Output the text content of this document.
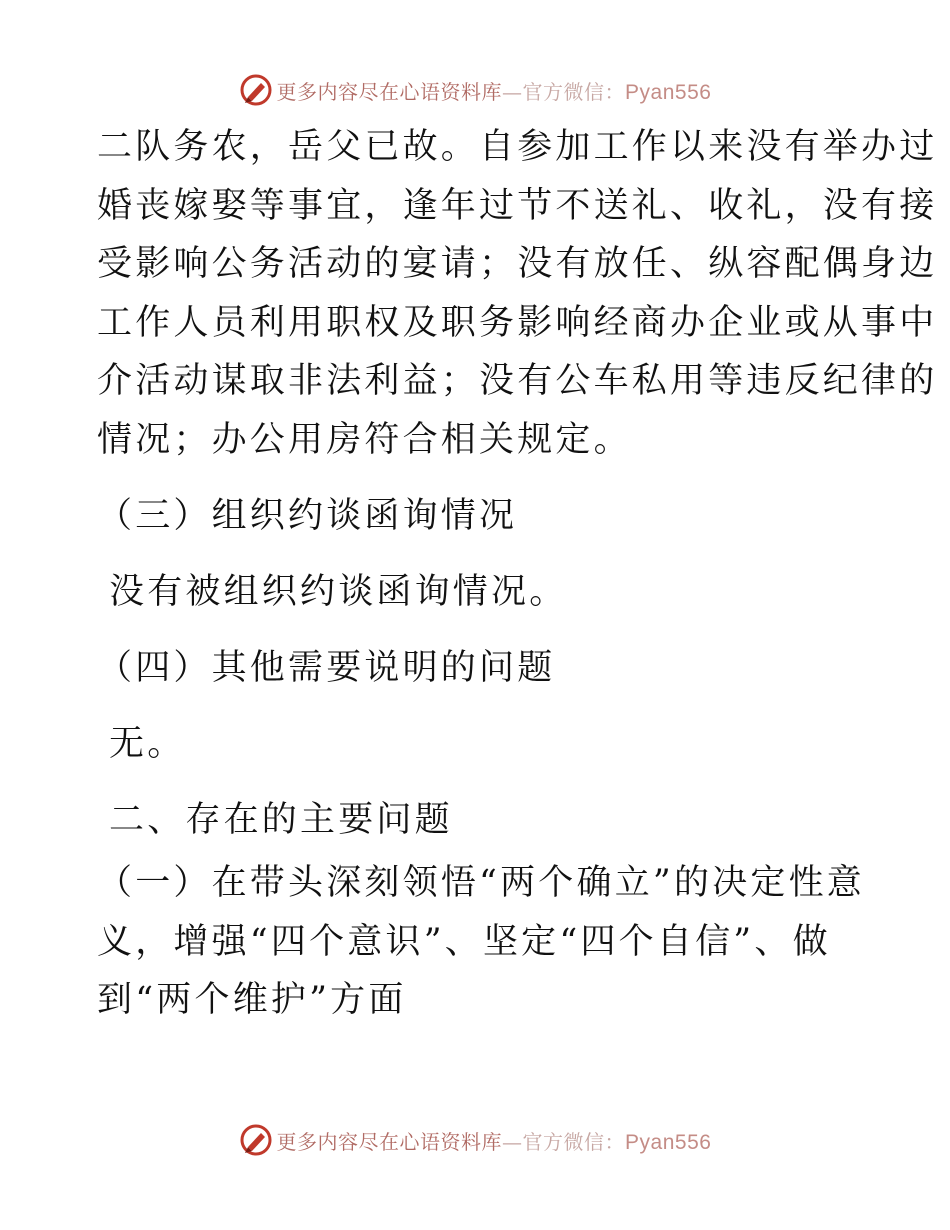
更多内容尽在心语资料库—官方微信：Pyan556

二队务农，岳父已故。自参加工作以来没有举办过

婚丧嫁娶等事宜，逢年过节不送礼、收礼，没有接

受影响公务活动的宴请；没有放任、纵容配偶身边

工作人员利用职权及职务影响经商办企业或从事中

介活动谋取非法利益；没有公车私用等违反纪律的

情况；办公用房符合相关规定。

（三）组织约谈函询情况

没有被组织约谈函询情况。

（四）其他需要说明的问题

无。

二、存在的主要问题

（一）在带头深刻领悟“两个确立”的决定性意

义，增强“四个意识”、坚定“四个自信”、做

到“两个维护”方面

更多内容尽在心语资料库—官方微信：Pyan556
